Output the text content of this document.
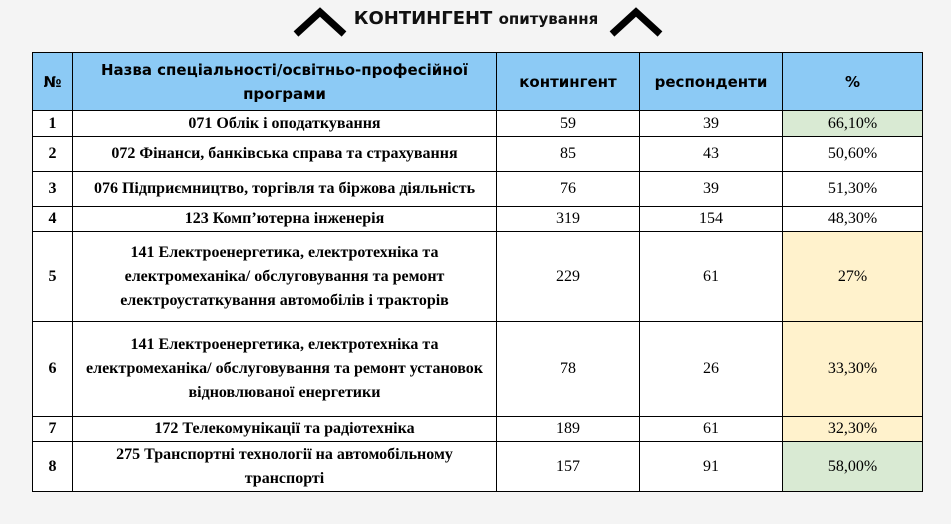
КОНТИНГЕНТ опитування
№	Назва спеціальності/освітньо-професійної програми	контингент	респонденти	%
1	071 Облік і оподаткування	59	39	66,10%
2	072 Фінанси, банківська справа та страхування	85	43	50,60%
3	076 Підприємництво, торгівля та біржова діяльність	76	39	51,30%
4	123 Комп’ютерна інженерія	319	154	48,30%
5	141 Електроенергетика, електротехніка та електромеханіка/ обслуговування та ремонт електроустаткування автомобілів і тракторів	229	61	27%
6	141 Електроенергетика, електротехніка та електромеханіка/ обслуговування та ремонт установок відновлюваної енергетики	78	26	33,30%
7	172 Телекомунікації та радіотехніка	189	61	32,30%
8	275 Транспортні технології на автомобільному транспорті	157	91	58,00%
